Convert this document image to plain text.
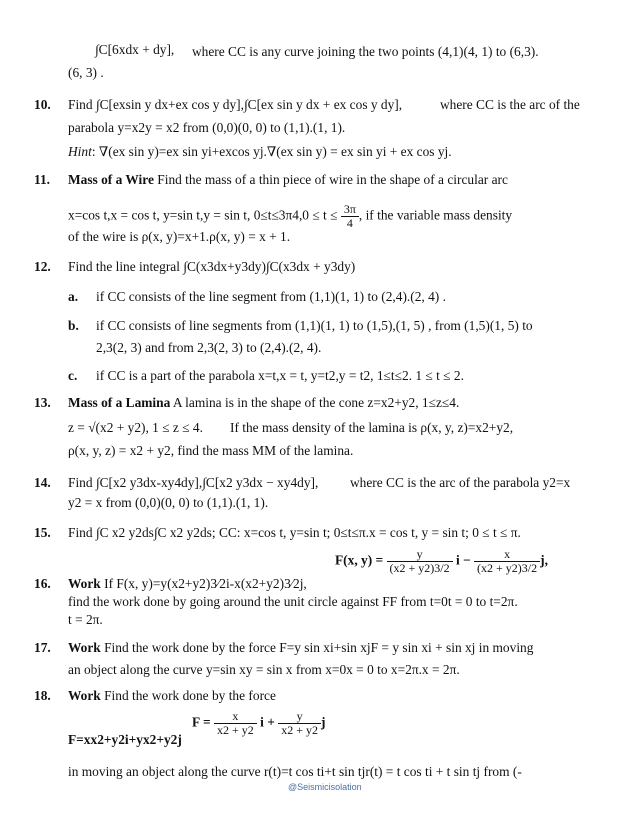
∫C[6xdx + dy], where CC is any curve joining the two points (4,1)(4, 1) to (6,3).
(6, 3) .
10. Find ∫C[exsin y dx+ex cos y dy],∫C[ex sin y dx + ex cos y dy],	where CC is the arc of the
parabola y=x2y = x2 from (0,0)(0, 0) to (1,1).(1, 1).
Hint: ∇(ex sin y)=ex sin yi+excos yj.∇(ex sin y) = ex sin yi + ex cos yj.
11. Mass of a Wire Find the mass of a thin piece of wire in the shape of a circular arc
x=cos t,x = cos t, y=sin t,y = sin t, $0\le t\le 3\pi 4,0 \le t \le \frac{3\pi}{4}$ , if the variable mass density
of the wire is ρ(x, y)=x+1.ρ(x, y) = x + 1.
12. Find the line integral ∫C(x3dx+y3dy)∫C(x3dx + y3dy)
a. if CC consists of the line segment from (1,1)(1, 1) to (2,4).(2, 4) .
b. if CC consists of line segments from (1,1)(1, 1) to (1,5),(1, 5) , from (1,5)(1, 5) to
2,3(2, 3) and from 2,3(2, 3) to (2,4).(2, 4).
c. if CC is a part of the parabola x=t,x = t, y=t2,y = t2, 1≤t≤2. 1 ≤ t ≤ 2.
13. Mass of a Lamina A lamina is in the shape of the cone z=x2+y2, 1≤z≤4.
z = √(x2 + y2), 1 ≤ z ≤ 4. If the mass density of the lamina is ρ(x, y, z)=x2+y2,
ρ(x, y, z) = x2 + y2, find the mass MM of the lamina.
14. Find ∫C[x2 y3dx-xy4dy],∫C[x2 y3dx − xy4dy], where CC is the arc of the parabola y2=x
y2 = x from (0,0)(0, 0) to (1,1).(1, 1).
15. Find ∫C x2 y2ds∫C x2 y2ds; CC: x=cos t, y=sin t; 0≤t≤π.x = cos t, y = sin t; 0 ≤ t ≤ π.
F(x, $y) = \frac{y}{(x2 + y2)3/2}$ $i - \frac{x}{(x2 + y2)3/2} j$,
16. Work If F(x, y)=y(x2+y2)3⁄2i-x(x2+y2)3⁄2j,
find the work done by going around the unit circle against FF from t=0t = 0 to t=2π.
t = 2π.
17. Work Find the work done by the force F=y sin xi+sin xjF = y sin xi + sin xj in moving
an object along the curve y=sin xy = sin x from x=0x = 0 to x=2π.x = 2π.
18. Work Find the work done by the force
$F = \frac{x}{x2 + y2}$ $i + \frac{y}{x2 + y2}$ j
F=xx2+y2i+yx2+y2j
in moving an object along the curve r(t)=t cos ti+t sin tjr(t) = t cos ti + t sin tj from (-
@Seismicisolation
